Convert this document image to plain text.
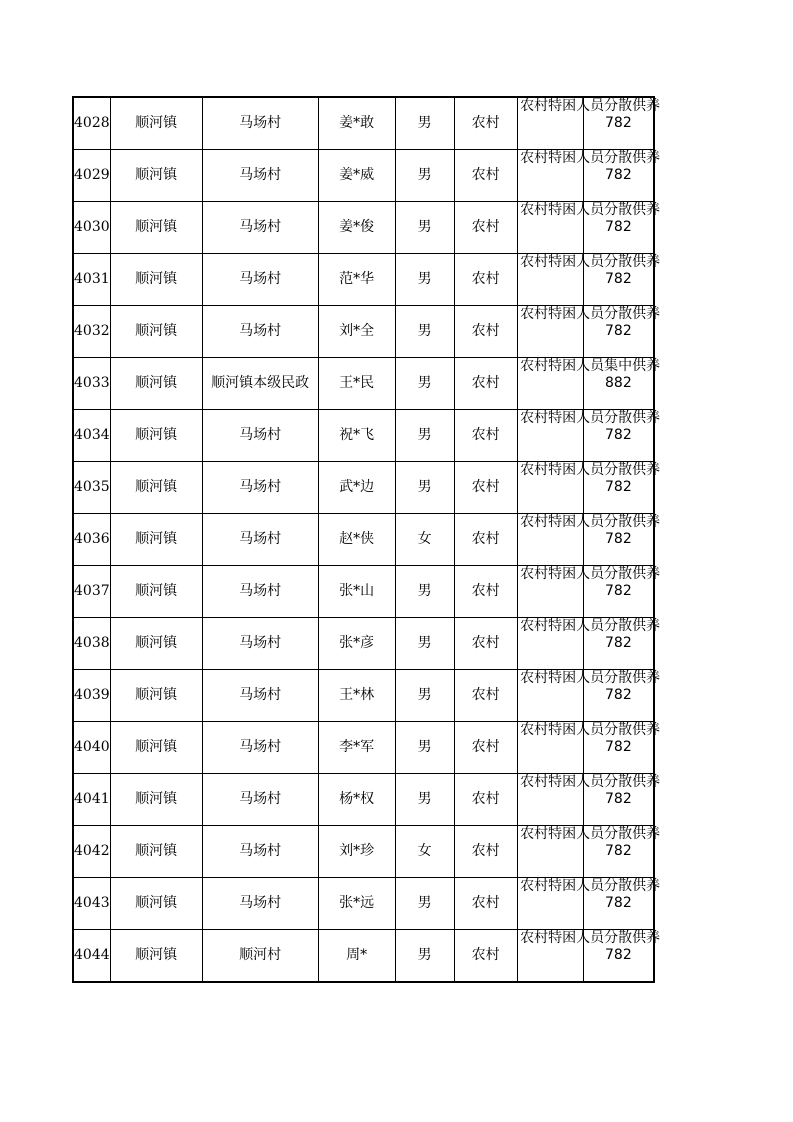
4028	顺河镇	马场村	姜*敢	男	农村	农村特困人员分散供养	782
4029	顺河镇	马场村	姜*威	男	农村	农村特困人员分散供养	782
4030	顺河镇	马场村	姜*俊	男	农村	农村特困人员分散供养	782
4031	顺河镇	马场村	范*华	男	农村	农村特困人员分散供养	782
4032	顺河镇	马场村	刘*全	男	农村	农村特困人员分散供养	782
4033	顺河镇	顺河镇本级民政	王*民	男	农村	农村特困人员集中供养	882
4034	顺河镇	马场村	祝*飞	男	农村	农村特困人员分散供养	782
4035	顺河镇	马场村	武*边	男	农村	农村特困人员分散供养	782
4036	顺河镇	马场村	赵*侠	女	农村	农村特困人员分散供养	782
4037	顺河镇	马场村	张*山	男	农村	农村特困人员分散供养	782
4038	顺河镇	马场村	张*彦	男	农村	农村特困人员分散供养	782
4039	顺河镇	马场村	王*林	男	农村	农村特困人员分散供养	782
4040	顺河镇	马场村	李*军	男	农村	农村特困人员分散供养	782
4041	顺河镇	马场村	杨*权	男	农村	农村特困人员分散供养	782
4042	顺河镇	马场村	刘*珍	女	农村	农村特困人员分散供养	782
4043	顺河镇	马场村	张*远	男	农村	农村特困人员分散供养	782
4044	顺河镇	顺河村	周*	男	农村	农村特困人员分散供养	782
